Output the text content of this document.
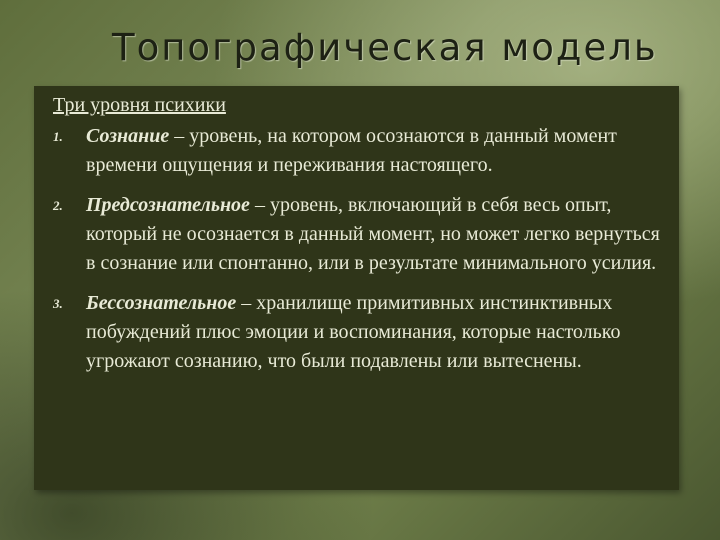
Топографическая модель
Три уровня психики
1.	Сознание – уровень, на котором осознаются в данный момент времени ощущения и переживания настоящего.
2.	Предсознательное – уровень, включающий в себя весь опыт, который не осознается в данный момент, но может легко вернуться в сознание или спонтанно, или в результате минимального усилия.
3.	Бессознательное – хранилище примитивных инстинктивных побуждений плюс эмоции и воспоминания, которые настолько угрожают сознанию, что были подавлены или вытеснены.
